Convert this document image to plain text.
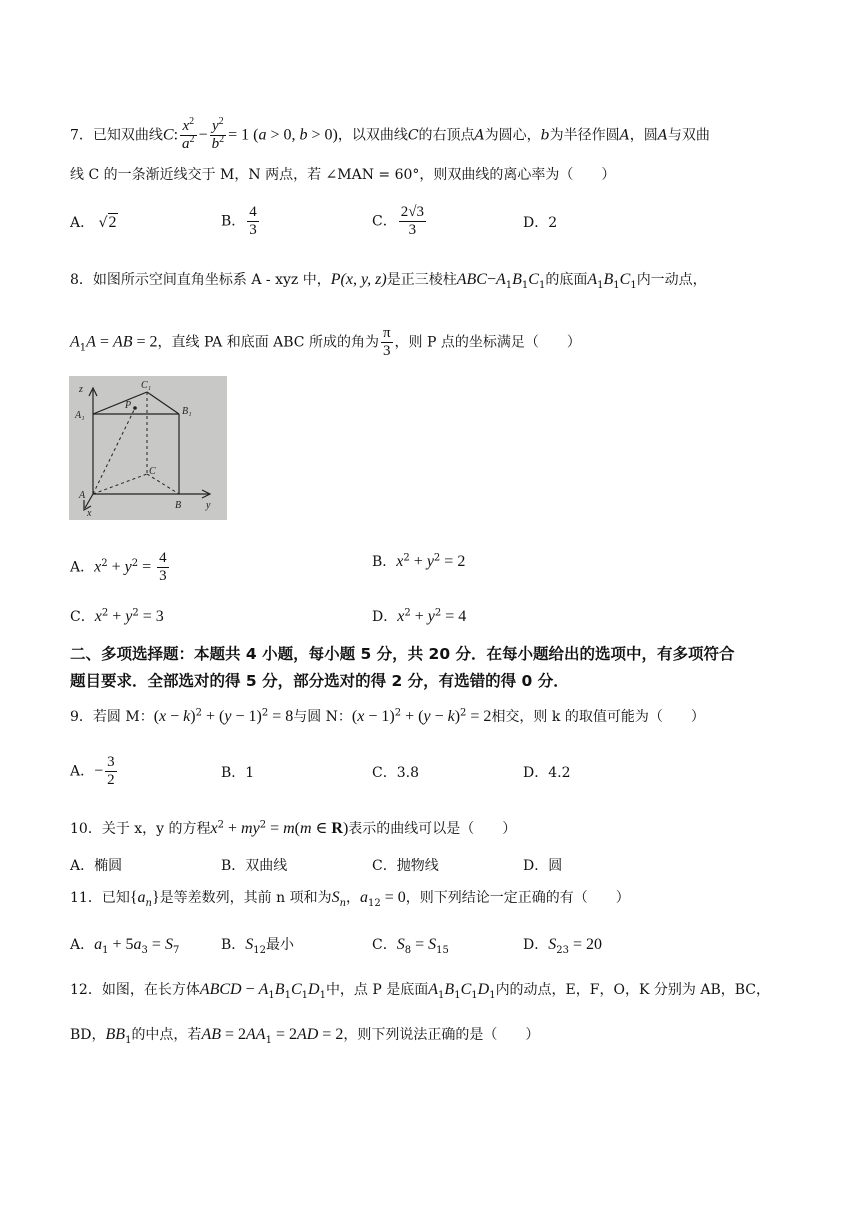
7．已知双曲线C: $\frac{x^2}{a^2} - \frac{y^2}{b^2} = 1$ (a > 0, b > 0)，以双曲线C的右顶点A为圆心，b为半径作圆A，圆A与双曲
线 C 的一条渐近线交于 M，N 两点，若 ∠MAN = 60°，则双曲线的离心率为（　　）
A． √2	B． $\frac{4}{3}$	C． $\frac{2√3}{3}$	D．2
8．如图所示空间直角坐标系 A - xyz 中，P(x, y, z)是正三棱柱$ABC-A_1B_1C_1$的底面$A_1B_1C_1$内一动点，
$A_1A$ = AB = 2，直线 PA 和底面 ABC 所成的角为 $\frac{\pi}{3}$ ，则 P 点的坐标满足（　　）
z	C₁
A₁
P
B₁
C
A
B y
x
A．$x^2 + y^2 = \frac{4}{3}$	B．$x^2 + y^2 = 2$
C．$x^2 + y^2 = 3$	D．$x^2 + y^2 = 4$
二、多项选择题：本题共 4 小题，每小题 5 分，共 20 分．在每小题给出的选项中，有多项符合
题目要求．全部选对的得 5 分，部分选对的得 2 分，有选错的得 0 分．
9．若圆 M：$(x - k)^2 + (y - 1)^2 = 8$与圆 N：$(x - 1)^2 + (y - k)^2 = 2$相交，则 k 的取值可能为（　　）
A．− $\frac{3}{2}$	B．1	C．3.8	D．4.2
10．关于 x，y 的方程$x^2 + my^2 = m(m$ ∈ R)表示的曲线可以是（　　）
A．椭圆	B．双曲线	C．抛物线	D．圆
11．已知$\{a_n\}$是等差数列，其前 n 项和为$S_n$，$a_{12} = 0$，则下列结论一定正确的有（　　）
A．$a_1 + 5a_3 = S_7$	B．$S_{12}$最小	C．$S_8 = S_{15}$	D．$S_{23} = 20$
12．如图，在长方体ABCD − $A_1B_1C_1D_1$中，点 P 是底面$A_1B_1C_1D_1$内的动点，E，F，O，K 分别为 AB，BC，
BD，$BB_1$的中点，若AB = $2AA_1 = 2AD = 2$，则下列说法正确的是（　　）
